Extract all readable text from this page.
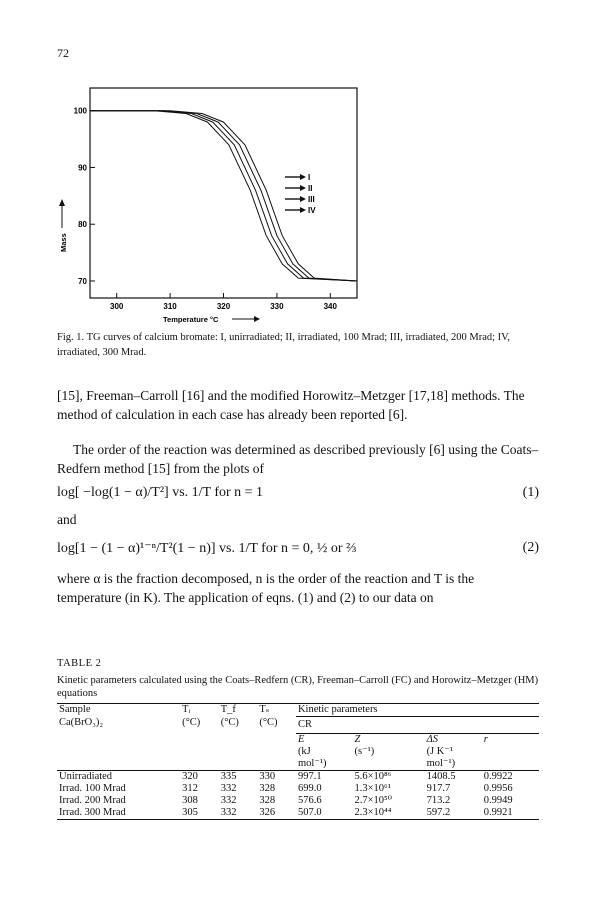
72
300	310	320	330	340
100
90
80
70
Temperature °C
Mass
I
II
III
IV
Fig. 1. TG curves of calcium bromate: I, unirradiated; II, irradiated, 100 Mrad; III, irradiated, 200 Mrad; IV, irradiated, 300 Mrad.
[15], Freeman–Carroll [16] and the modified Horowitz–Metzger [17,18] methods. The method of calculation in each case has already been reported [6].
The order of the reaction was determined as described previously [6] using the Coats–Redfern method [15] from the plots of
log[ −log(1 − α)/T²] vs. 1/T for n = 1	(1)
and
log[1 − (1 − α)¹⁻ⁿ/T²(1 − n)] vs. 1/T for n = 0, ½ or ⅔	(2)
where α is the fraction decomposed, n is the order of the reaction and T is the temperature (in K). The application of eqns. (1) and (2) to our data on
TABLE 2
Kinetic parameters calculated using the Coats–Redfern (CR), Freeman–Carroll (FC) and Horowitz–Metzger (HM) equations
Sample	Tᵢ	T_f	Tₛ	Kinetic parameters			
Ca(BrO₃)₂	(°C)	(°C)	(°C)	CR			
				E	Z	ΔS	r
				(kJ	(s⁻¹)	(J K⁻¹	
				mol⁻¹)		mol⁻¹)	
Unirradiated	320	335	330	997.1	5.6×10⁸⁶	1408.5	0.9922
Irrad. 100 Mrad	312	332	328	699.0	1.3×10⁶¹	917.7	0.9956
Irrad. 200 Mrad	308	332	328	576.6	2.7×10⁵⁰	713.2	0.9949
Irrad. 300 Mrad	305	332	326	507.0	2.3×10⁴⁴	597.2	0.9921
